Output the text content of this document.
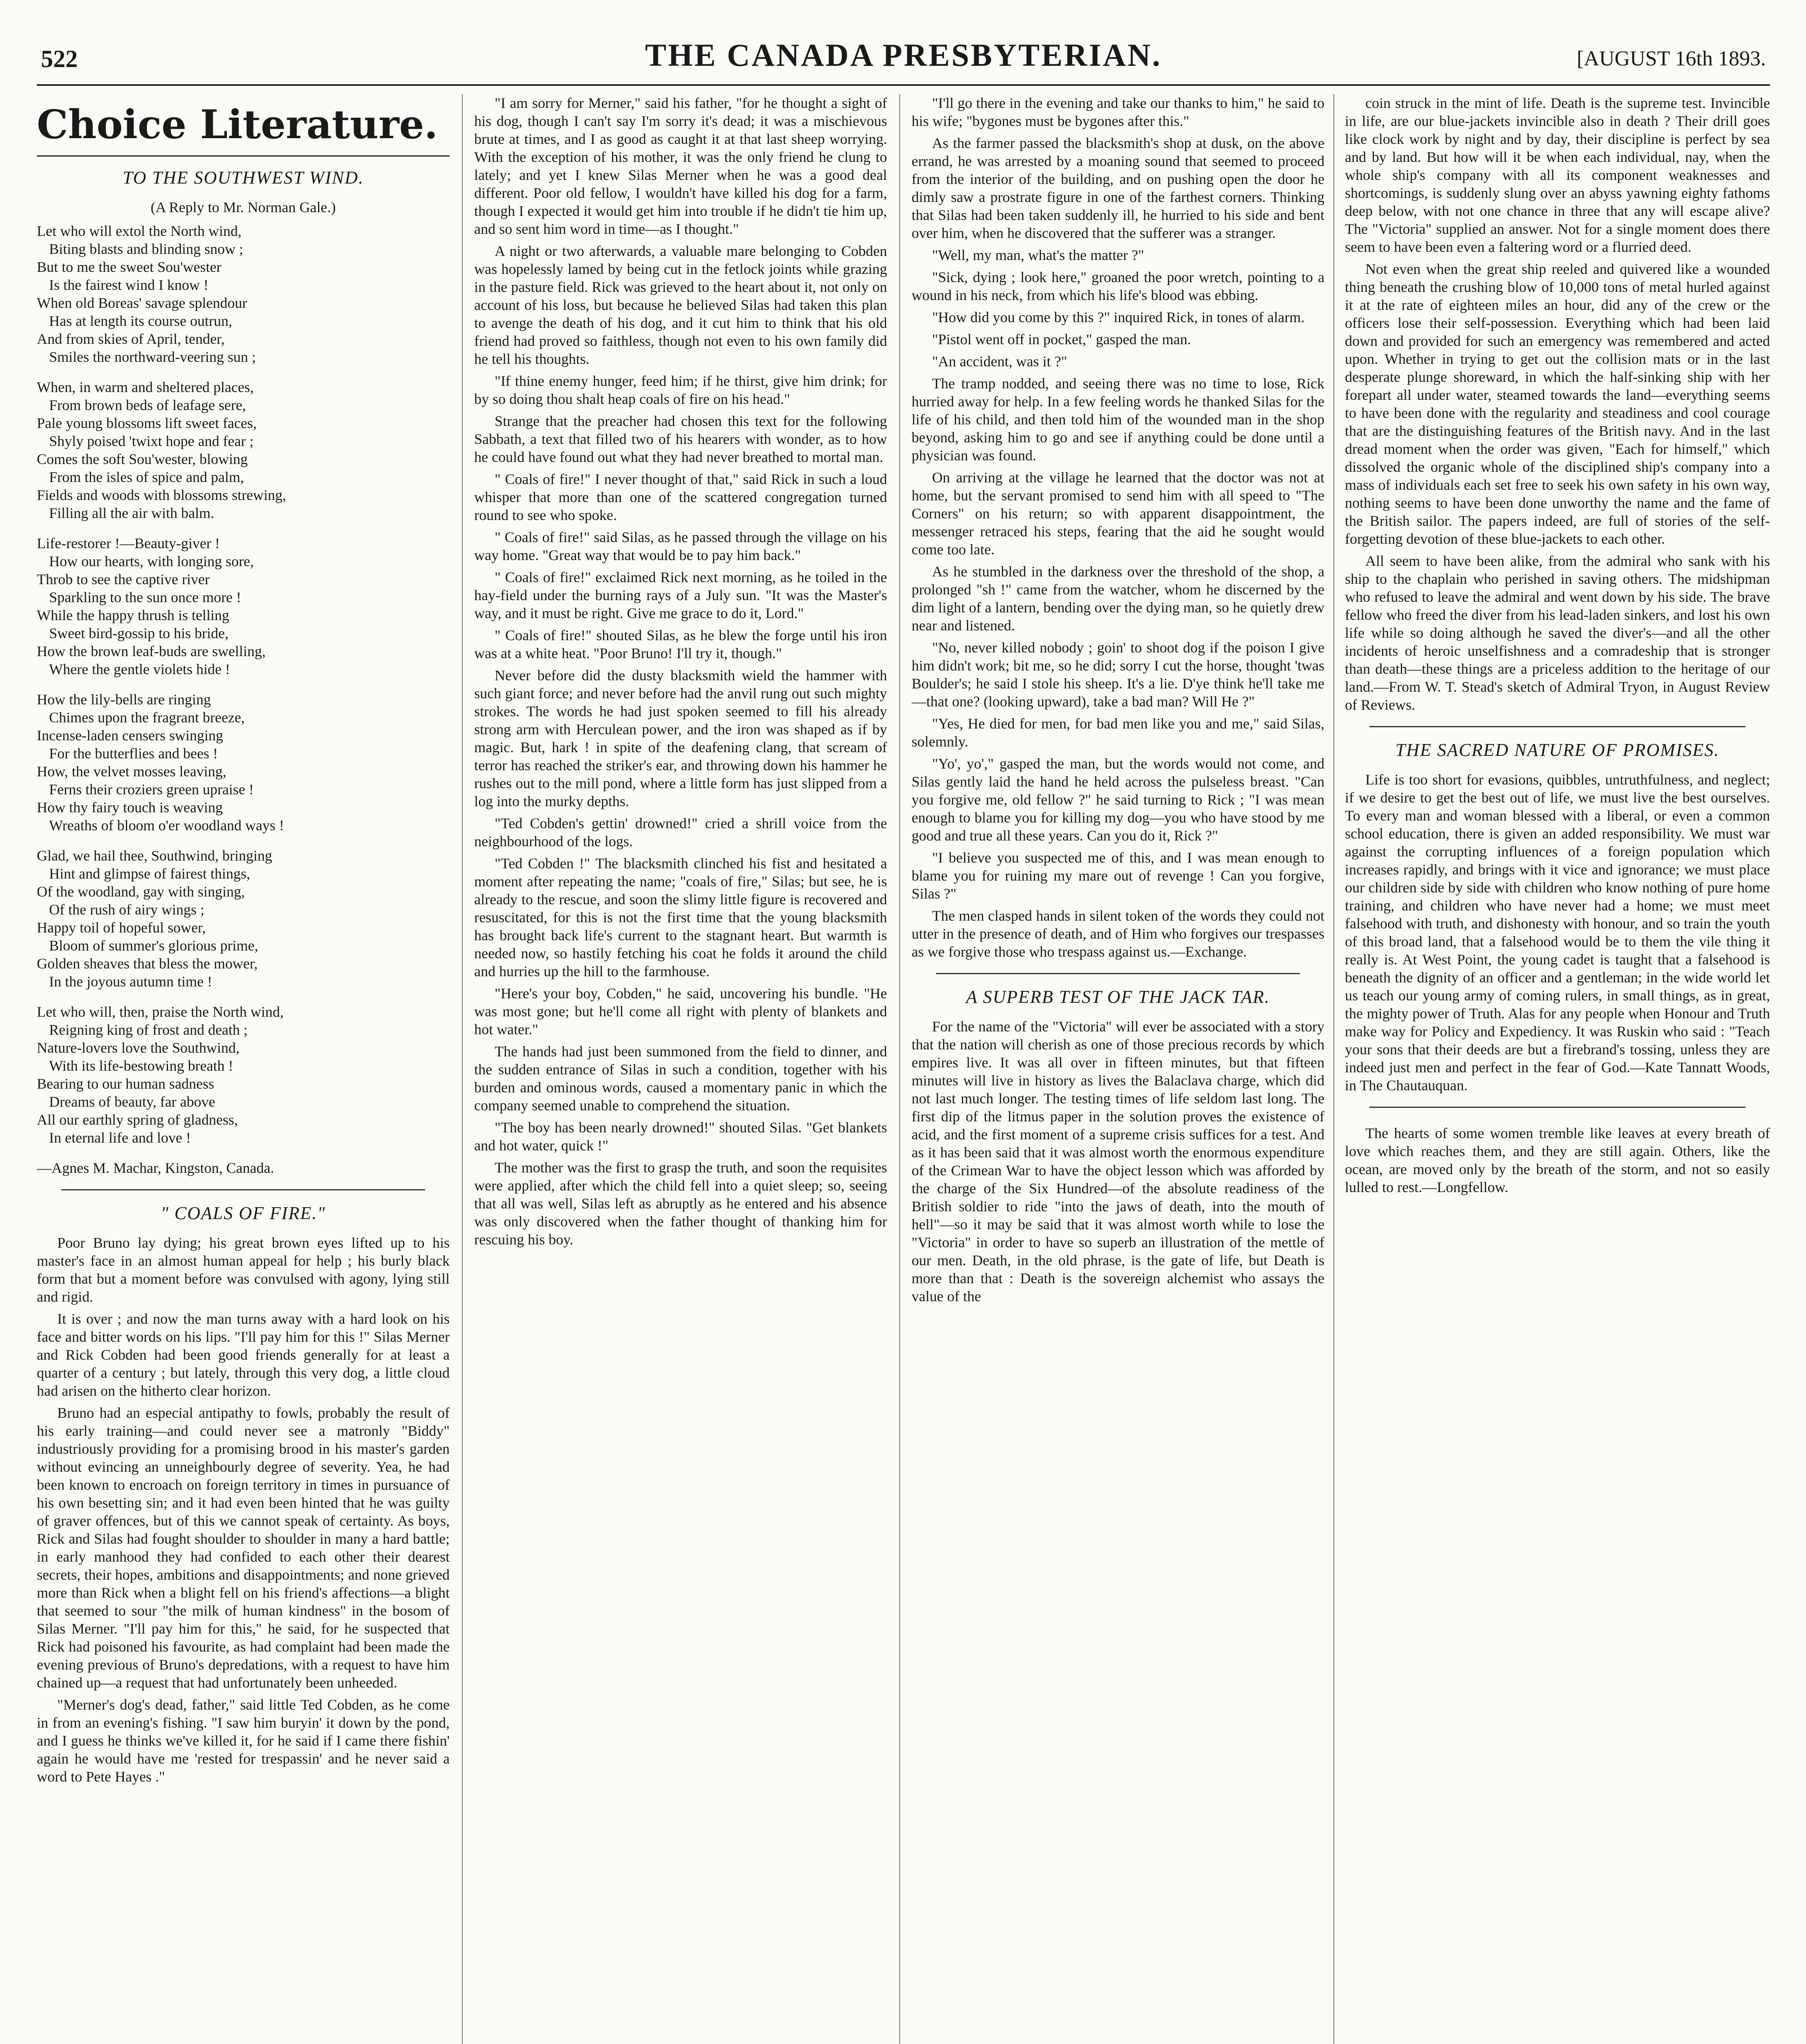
522	THE CANADA PRESBYTERIAN.	[AUGUST 16th 1893.
Choice Literature.
TO THE SOUTHWEST WIND.
(A Reply to Mr. Norman Gale.)
Let who will extol the North wind,
Biting blasts and blinding snow ;
But to me the sweet Sou'wester
Is the fairest wind I know !
When old Boreas' savage splendour
Has at length its course outrun,
And from skies of April, tender,
Smiles the northward-veering sun ;
When, in warm and sheltered places,
From brown beds of leafage sere,
Pale young blossoms lift sweet faces,
Shyly poised 'twixt hope and fear ;
Comes the soft Sou'wester, blowing
From the isles of spice and palm,
Fields and woods with blossoms strewing,
Filling all the air with balm.
Life-restorer !—Beauty-giver !
How our hearts, with longing sore,
Throb to see the captive river
Sparkling to the sun once more !
While the happy thrush is telling
Sweet bird-gossip to his bride,
How the brown leaf-buds are swelling,
Where the gentle violets hide !
How the lily-bells are ringing
Chimes upon the fragrant breeze,
Incense-laden censers swinging
For the butterflies and bees !
How, the velvet mosses leaving,
Ferns their croziers green upraise !
How thy fairy touch is weaving
Wreaths of bloom o'er woodland ways !
Glad, we hail thee, Southwind, bringing
Hint and glimpse of fairest things,
Of the woodland, gay with singing,
Of the rush of airy wings ;
Happy toil of hopeful sower,
Bloom of summer's glorious prime,
Golden sheaves that bless the mower,
In the joyous autumn time !
Let who will, then, praise the North wind,
Reigning king of frost and death ;
Nature-lovers love the Southwind,
With its life-bestowing breath !
Bearing to our human sadness
Dreams of beauty, far above
All our earthly spring of gladness,
In eternal life and love !
—Agnes M. Machar, Kingston, Canada.
" COALS OF FIRE."

Poor Bruno lay dying; his great brown eyes lifted up to his master's face in an almost human appeal for help ; his burly black form that but a moment before was convulsed with agony, lying still and rigid.

It is over ; and now the man turns away with a hard look on his face and bitter words on his lips. "I'll pay him for this !" Silas Merner and Rick Cobden had been good friends generally for at least a quarter of a century ; but lately, through this very dog, a little cloud had arisen on the hitherto clear horizon.

Bruno had an especial antipathy to fowls, probably the result of his early training—and could never see a matronly "Biddy" industriously providing for a promising brood in his master's garden without evincing an unneighbourly degree of severity. Yea, he had been known to encroach on foreign territory in times in pursuance of his own besetting sin; and it had even been hinted that he was guilty of graver offences, but of this we cannot speak of certainty. As boys, Rick and Silas had fought shoulder to shoulder in many a hard battle; in early manhood they had confided to each other their dearest secrets, their hopes, ambitions and disappointments; and none grieved more than Rick when a blight fell on his friend's affections—a blight that seemed to sour "the milk of human kindness" in the bosom of Silas Merner. "I'll pay him for this," he said, for he suspected that Rick had poisoned his favourite, as had complaint had been made the evening previous of Bruno's depredations, with a request to have him chained up—a request that had unfortunately been unheeded.

"Merner's dog's dead, father," said little Ted Cobden, as he come in from an evening's fishing. "I saw him buryin' it down by the pond, and I guess he thinks we've killed it, for he said if I came there fishin' again he would have me 'rested for trespassin' and he never said a word to Pete Hayes ."

"I am sorry for Merner," said his father, "for he thought a sight of his dog, though I can't say I'm sorry it's dead; it was a mischievous brute at times, and I as good as caught it at that last sheep worrying. With the exception of his mother, it was the only friend he clung to lately; and yet I knew Silas Merner when he was a good deal different. Poor old fellow, I wouldn't have killed his dog for a farm, though I expected it would get him into trouble if he didn't tie him up, and so sent him word in time—as I thought."

A night or two afterwards, a valuable mare belonging to Cobden was hopelessly lamed by being cut in the fetlock joints while grazing in the pasture field. Rick was grieved to the heart about it, not only on account of his loss, but because he believed Silas had taken this plan to avenge the death of his dog, and it cut him to think that his old friend had proved so faithless, though not even to his own family did he tell his thoughts.

"If thine enemy hunger, feed him; if he thirst, give him drink; for by so doing thou shalt heap coals of fire on his head."

Strange that the preacher had chosen this text for the following Sabbath, a text that filled two of his hearers with wonder, as to how he could have found out what they had never breathed to mortal man.

" Coals of fire!" I never thought of that," said Rick in such a loud whisper that more than one of the scattered congregation turned round to see who spoke.

" Coals of fire!" said Silas, as he passed through the village on his way home. "Great way that would be to pay him back."

" Coals of fire!" exclaimed Rick next morning, as he toiled in the hay-field under the burning rays of a July sun. "It was the Master's way, and it must be right. Give me grace to do it, Lord."

" Coals of fire!" shouted Silas, as he blew the forge until his iron was at a white heat. "Poor Bruno! I'll try it, though."

Never before did the dusty blacksmith wield the hammer with such giant force; and never before had the anvil rung out such mighty strokes. The words he had just spoken seemed to fill his already strong arm with Herculean power, and the iron was shaped as if by magic. But, hark ! in spite of the deafening clang, that scream of terror has reached the striker's ear, and throwing down his hammer he rushes out to the mill pond, where a little form has just slipped from a log into the murky depths.

"Ted Cobden's gettin' drowned!" cried a shrill voice from the neighbourhood of the logs.

"Ted Cobden !" The blacksmith clinched his fist and hesitated a moment after repeating the name; "coals of fire," Silas; but see, he is already to the rescue, and soon the slimy little figure is recovered and resuscitated, for this is not the first time that the young blacksmith has brought back life's current to the stagnant heart. But warmth is needed now, so hastily fetching his coat he folds it around the child and hurries up the hill to the farmhouse.

"Here's your boy, Cobden," he said, uncovering his bundle. "He was most gone; but he'll come all right with plenty of blankets and hot water."

The hands had just been summoned from the field to dinner, and the sudden entrance of Silas in such a condition, together with his burden and ominous words, caused a momentary panic in which the company seemed unable to comprehend the situation.

"The boy has been nearly drowned!" shouted Silas. "Get blankets and hot water, quick !"

The mother was the first to grasp the truth, and soon the requisites were applied, after which the child fell into a quiet sleep; so, seeing that all was well, Silas left as abruptly as he entered and his absence was only discovered when the father thought of thanking him for rescuing his boy.

"I'll go there in the evening and take our thanks to him," he said to his wife; "bygones must be bygones after this."

As the farmer passed the blacksmith's shop at dusk, on the above errand, he was arrested by a moaning sound that seemed to proceed from the interior of the building, and on pushing open the door he dimly saw a prostrate figure in one of the farthest corners. Thinking that Silas had been taken suddenly ill, he hurried to his side and bent over him, when he discovered that the sufferer was a stranger.

"Well, my man, what's the matter ?"

"Sick, dying ; look here," groaned the poor wretch, pointing to a wound in his neck, from which his life's blood was ebbing.

"How did you come by this ?" inquired Rick, in tones of alarm.

"Pistol went off in pocket," gasped the man.

"An accident, was it ?"

The tramp nodded, and seeing there was no time to lose, Rick hurried away for help. In a few feeling words he thanked Silas for the life of his child, and then told him of the wounded man in the shop beyond, asking him to go and see if anything could be done until a physician was found.

On arriving at the village he learned that the doctor was not at home, but the servant promised to send him with all speed to "The Corners" on his return; so with apparent disappointment, the messenger retraced his steps, fearing that the aid he sought would come too late.

As he stumbled in the darkness over the threshold of the shop, a prolonged "sh !" came from the watcher, whom he discerned by the dim light of a lantern, bending over the dying man, so he quietly drew near and listened.

"No, never killed nobody ; goin' to shoot dog if the poison I give him didn't work; bit me, so he did; sorry I cut the horse, thought 'twas Boulder's; he said I stole his sheep. It's a lie. D'ye think he'll take me—that one? (looking upward), take a bad man? Will He ?"

"Yes, He died for men, for bad men like you and me," said Silas, solemnly.

"Yo', yo'," gasped the man, but the words would not come, and Silas gently laid the hand he held across the pulseless breast. "Can you forgive me, old fellow ?" he said turning to Rick ; "I was mean enough to blame you for killing my dog—you who have stood by me good and true all these years. Can you do it, Rick ?"

"I believe you suspected me of this, and I was mean enough to blame you for ruining my mare out of revenge ! Can you forgive, Silas ?"

The men clasped hands in silent token of the words they could not utter in the presence of death, and of Him who forgives our trespasses as we forgive those who trespass against us.—Exchange.

A SUPERB TEST OF THE JACK TAR.

For the name of the "Victoria" will ever be associated with a story that the nation will cherish as one of those precious records by which empires live. It was all over in fifteen minutes, but that fifteen minutes will live in history as lives the Balaclava charge, which did not last much longer. The testing times of life seldom last long. The first dip of the litmus paper in the solution proves the existence of acid, and the first moment of a supreme crisis suffices for a test. And as it has been said that it was almost worth the enormous expenditure of the Crimean War to have the object lesson which was afforded by the charge of the Six Hundred—of the absolute readiness of the British soldier to ride "into the jaws of death, into the mouth of hell"—so it may be said that it was almost worth while to lose the "Victoria" in order to have so superb an illustration of the mettle of our men. Death, in the old phrase, is the gate of life, but Death is more than that : Death is the sovereign alchemist who assays the value of the

coin struck in the mint of life. Death is the supreme test. Invincible in life, are our blue-jackets invincible also in death ? Their drill goes like clock work by night and by day, their discipline is perfect by sea and by land. But how will it be when each individual, nay, when the whole ship's company with all its component weaknesses and shortcomings, is suddenly slung over an abyss yawning eighty fathoms deep below, with not one chance in three that any will escape alive? The "Victoria" supplied an answer. Not for a single moment does there seem to have been even a faltering word or a flurried deed.

Not even when the great ship reeled and quivered like a wounded thing beneath the crushing blow of 10,000 tons of metal hurled against it at the rate of eighteen miles an hour, did any of the crew or the officers lose their self-possession. Everything which had been laid down and provided for such an emergency was remembered and acted upon. Whether in trying to get out the collision mats or in the last desperate plunge shoreward, in which the half-sinking ship with her forepart all under water, steamed towards the land—everything seems to have been done with the regularity and steadiness and cool courage that are the distinguishing features of the British navy. And in the last dread moment when the order was given, "Each for himself," which dissolved the organic whole of the disciplined ship's company into a mass of individuals each set free to seek his own safety in his own way, nothing seems to have been done unworthy the name and the fame of the British sailor. The papers indeed, are full of stories of the self-forgetting devotion of these blue-jackets to each other.

All seem to have been alike, from the admiral who sank with his ship to the chaplain who perished in saving others. The midshipman who refused to leave the admiral and went down by his side. The brave fellow who freed the diver from his lead-laden sinkers, and lost his own life while so doing although he saved the diver's—and all the other incidents of heroic unselfishness and a comradeship that is stronger than death—these things are a priceless addition to the heritage of our land.—From W. T. Stead's sketch of Admiral Tryon, in August Review of Reviews.

THE SACRED NATURE OF PROMISES.

Life is too short for evasions, quibbles, untruthfulness, and neglect; if we desire to get the best out of life, we must live the best ourselves. To every man and woman blessed with a liberal, or even a common school education, there is given an added responsibility. We must war against the corrupting influences of a foreign population which increases rapidly, and brings with it vice and ignorance; we must place our children side by side with children who know nothing of pure home training, and children who have never had a home; we must meet falsehood with truth, and dishonesty with honour, and so train the youth of this broad land, that a falsehood would be to them the vile thing it really is. At West Point, the young cadet is taught that a falsehood is beneath the dignity of an officer and a gentleman; in the wide world let us teach our young army of coming rulers, in small things, as in great, the mighty power of Truth. Alas for any people when Honour and Truth make way for Policy and Expediency. It was Ruskin who said : "Teach your sons that their deeds are but a firebrand's tossing, unless they are indeed just men and perfect in the fear of God.—Kate Tannatt Woods, in The Chautauquan.

The hearts of some women tremble like leaves at every breath of love which reaches them, and they are still again. Others, like the ocean, are moved only by the breath of the storm, and not so easily lulled to rest.—Longfellow.
